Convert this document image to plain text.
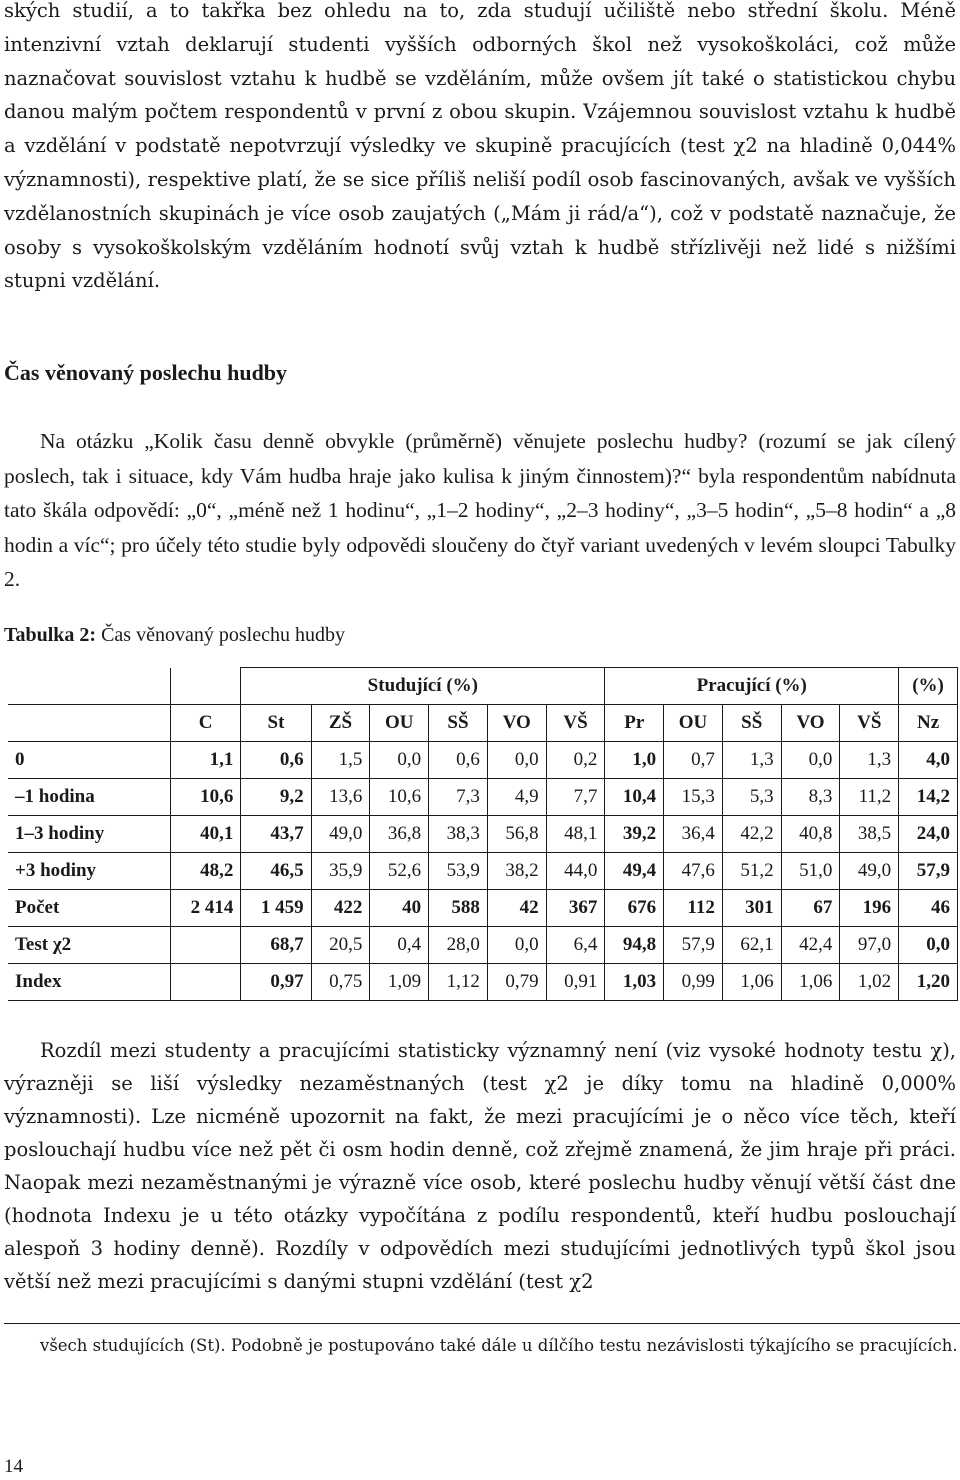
ských studií, a to takřka bez ohledu na to, zda studují učiliště nebo střední školu. Méně intenzivní vztah deklarují studenti vyšších odborných škol než vysokoškoláci, což může naznačovat souvislost vztahu k hudbě se vzděláním, může ovšem jít také o statistickou chybu danou malým počtem respondentů v první z obou skupin. Vzájemnou souvislost vztahu k hudbě a vzdělání v podstatě nepotvrzují výsledky ve skupině pracujících (test χ2 na hladině 0,044% významnosti), respektive platí, že se sice příliš neliší podíl osob fascinovaných, avšak ve vyšších vzdělanostních skupinách je více osob zaujatých („Mám ji rád/a“), což v podstatě naznačuje, že osoby s vysokoškolským vzděláním hodnotí svůj vztah k hudbě střízlivěji než lidé s nižšími stupni vzdělání.

Čas věnovaný poslechu hudby

Na otázku „Kolik času denně obvykle (průměrně) věnujete poslechu hudby? (rozumí se jak cílený poslech, tak i situace, kdy Vám hudba hraje jako kulisa k jiným činnostem)?“ byla respondentům nabídnuta tato škála odpovědí: „0“, „méně než 1 hodinu“, „1–2 hodiny“, „2–3 hodiny“, „3–5 hodin“, „5–8 hodin“ a „8 hodin a víc“; pro účely této studie byly odpovědi sloučeny do čtyř variant uvedených v levém sloupci Tabulky 2.

Tabulka 2: Čas věnovaný poslechu hudby

		Studující (%)						Pracující (%)					(%)
	C	St	ZŠ	OU	SŠ	VO	VŠ	Pr	OU	SŠ	VO	VŠ	Nz
0	1,1	0,6	1,5	0,0	0,6	0,0	0,2	1,0	0,7	1,3	0,0	1,3	4,0
–1 hodina	10,6	9,2	13,6	10,6	7,3	4,9	7,7	10,4	15,3	5,3	8,3	11,2	14,2
1–3 hodiny	40,1	43,7	49,0	36,8	38,3	56,8	48,1	39,2	36,4	42,2	40,8	38,5	24,0
+3 hodiny	48,2	46,5	35,9	52,6	53,9	38,2	44,0	49,4	47,6	51,2	51,0	49,0	57,9
Počet	2 414	1 459	422	40	588	42	367	676	112	301	67	196	46
Test χ2		68,7	20,5	0,4	28,0	0,0	6,4	94,8	57,9	62,1	42,4	97,0	0,0
Index		0,97	0,75	1,09	1,12	0,79	0,91	1,03	0,99	1,06	1,06	1,02	1,20

Rozdíl mezi studenty a pracujícími statisticky významný není (viz vysoké hodnoty testu χ), výrazněji se liší výsledky nezaměstnaných (test χ2 je díky tomu na hladině 0,000% významnosti). Lze nicméně upozornit na fakt, že mezi pracujícími je o něco více těch, kteří poslouchají hudbu více než pět či osm hodin denně, což zřejmě znamená, že jim hraje při práci. Naopak mezi nezaměstnanými je výrazně více osob, které poslechu hudby věnují větší část dne (hodnota Indexu je u této otázky vypočítána z podílu respondentů, kteří hudbu poslouchají alespoň 3 hodiny denně). Rozdíly v odpovědích mezi studujícími jednotlivých typů škol jsou větší než mezi pracujícími s danými stupni vzdělání (test χ2

všech studujících (St). Podobně je postupováno také dále u dílčího testu nezávislosti týkajícího se pracujících.

14
